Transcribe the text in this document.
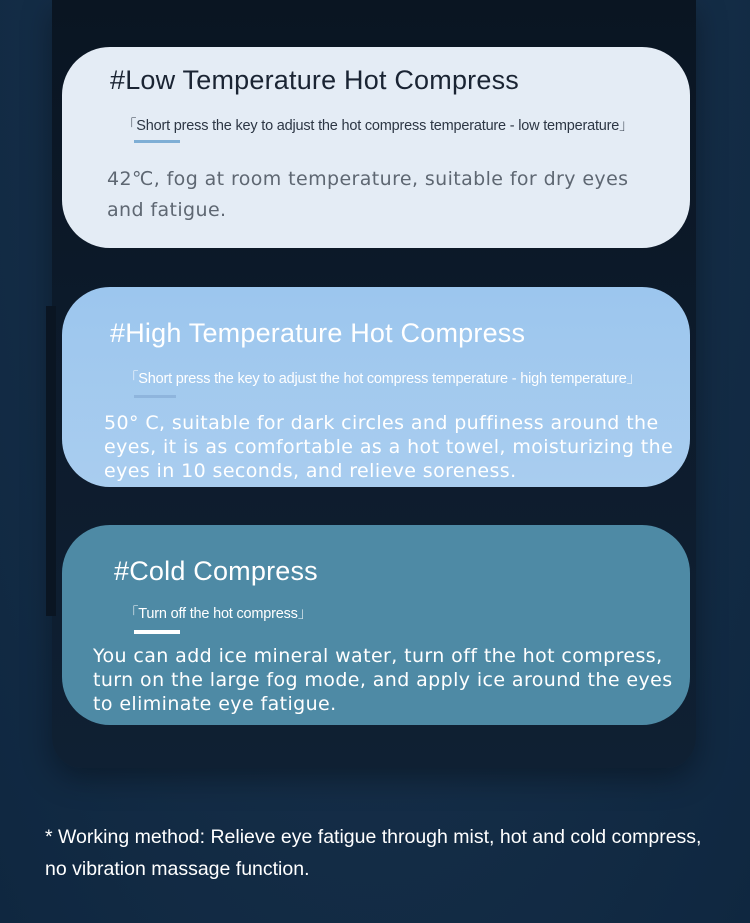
#Low Temperature Hot Compress
「Short press the key to adjust the hot compress temperature - low temperature」
42℃, fog at room temperature, suitable for dry eyes and fatigue.
#High Temperature Hot Compress
「Short press the key to adjust the hot compress temperature - high temperature」
50° C, suitable for dark circles and puffiness around the eyes, it is as comfortable as a hot towel, moisturizing the eyes in 10 seconds, and relieve soreness.
#Cold Compress
「Turn off the hot compress」
You can add ice mineral water, turn off the hot compress, turn on the large fog mode, and apply ice around the eyes to eliminate eye fatigue.
* Working method: Relieve eye fatigue through mist, hot and cold compress, no vibration massage function.
